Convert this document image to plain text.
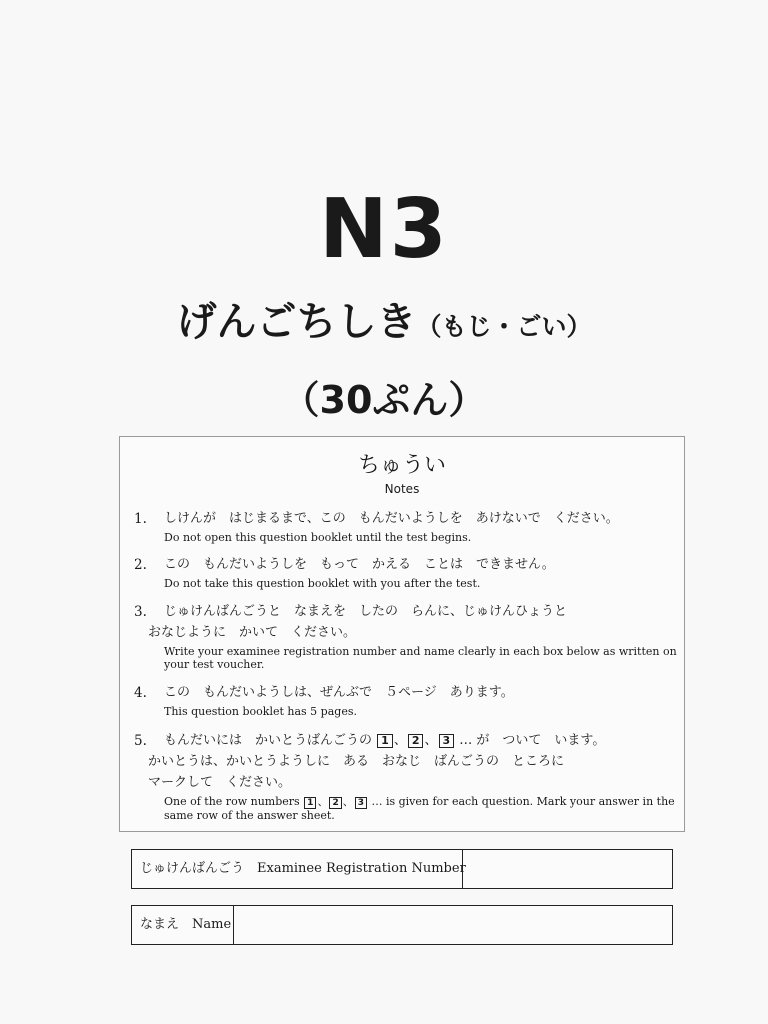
N3
げんごちしき（もじ・ごい）
（30ぷん）
ちゅうい
Notes
1. しけんが　はじまるまで、この　もんだいようしを　あけないで　ください。
Do not open this question booklet until the test begins.
2. この　もんだいようしを　もって　かえる　ことは　できません。
Do not take this question booklet with you after the test.
3. じゅけんばんごうと　なまえを　したの　らんに、じゅけんひょうと
おなじように　かいて　ください。
Write your examinee registration number and name clearly in each box below as written on your test voucher.
4. この　もんだいようしは、ぜんぶで　５ページ　あります。
This question booklet has 5 pages.
5. もんだいには　かいとうばんごうの 1 、 2 、 3 … が　ついて　います。
かいとうは、かいとうようしに　ある　おなじ　ばんごうの　ところに
マークして　ください。
One of the row numbers 1 、 2 、 3 … is given for each question. Mark your answer in the same row of the answer sheet.
じゅけんばんごう　Examinee Registration Number
なまえ　Name
